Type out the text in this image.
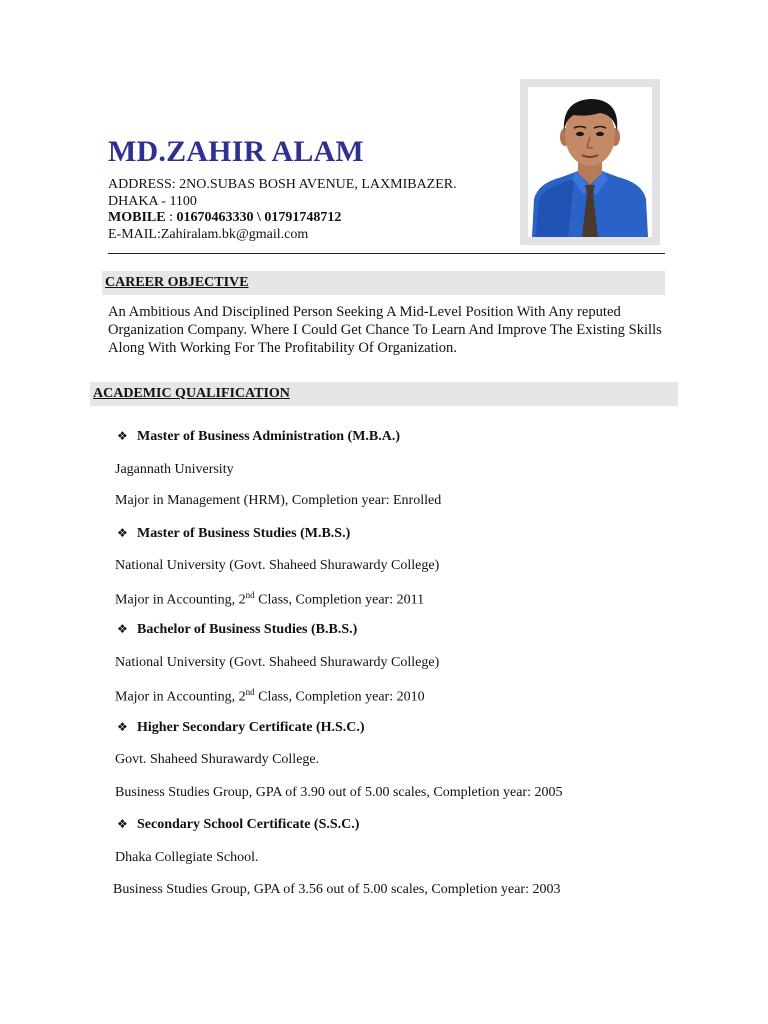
MD.ZAHIR ALAM
ADDRESS: 2NO.SUBAS BOSH AVENUE, LAXMIBAZER.
DHAKA - 1100
MOBILE : 01670463330 \ 01791748712
E-MAIL:Zahiralam.bk@gmail.com
CAREER OBJECTIVE

An Ambitious And Disciplined Person Seeking A Mid-Level Position With Any reputed Organization Company. Where I Could Get Chance To Learn And Improve The Existing Skills Along With Working For The Profitability Of Organization.

ACADEMIC QUALIFICATION
❖ Master of Business Administration (M.B.A.)
Jagannath University
Major in Management (HRM), Completion year: Enrolled
❖ Master of Business Studies (M.B.S.)
National University (Govt. Shaheed Shurawardy College)
Major in Accounting, 2nd Class, Completion year: 2011
❖ Bachelor of Business Studies (B.B.S.)
National University (Govt. Shaheed Shurawardy College)
Major in Accounting, 2nd Class, Completion year: 2010
❖ Higher Secondary Certificate (H.S.C.)
Govt. Shaheed Shurawardy College.
Business Studies Group, GPA of 3.90 out of 5.00 scales, Completion year: 2005
❖ Secondary School Certificate (S.S.C.)
Dhaka Collegiate School.
Business Studies Group, GPA of 3.56 out of 5.00 scales, Completion year: 2003
